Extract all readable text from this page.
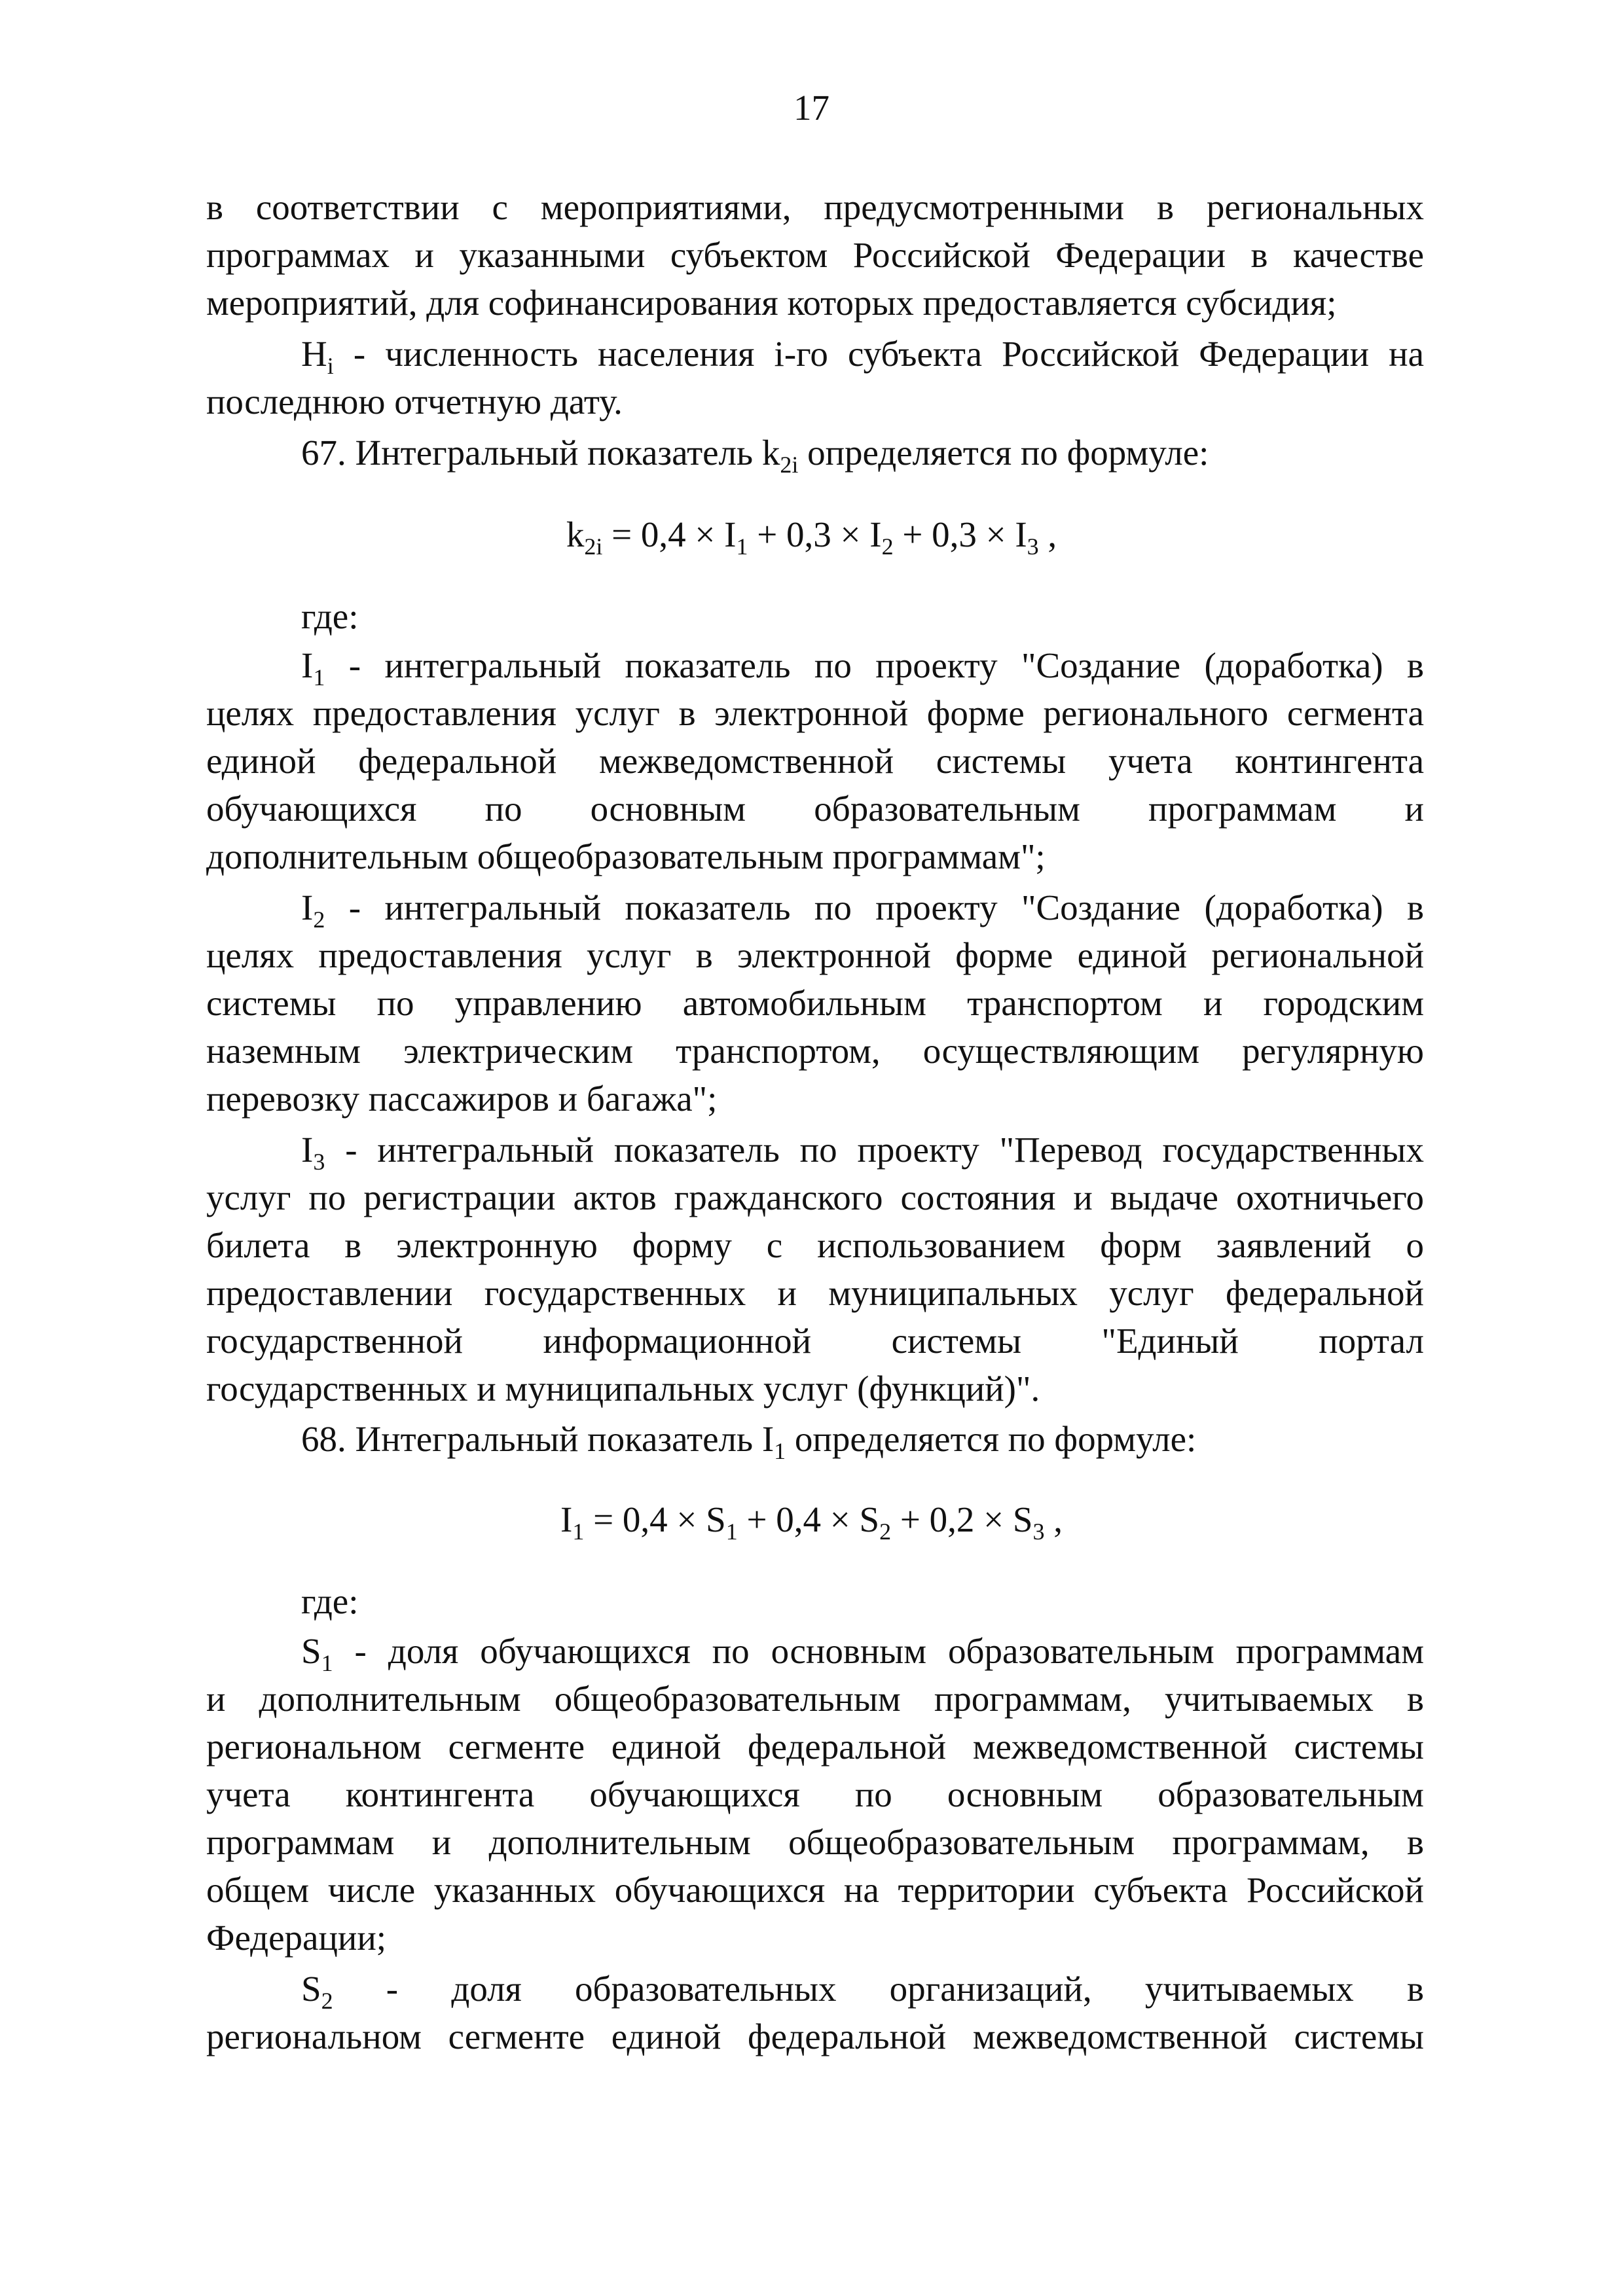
17
в соответствии с мероприятиями, предусмотренными в региональных
программах и указанными субъектом Российской Федерации в качестве
мероприятий, для софинансирования которых предоставляется субсидия;
$H_i$ - численность населения i-го субъекта Российской Федерации на
последнюю отчетную дату.
67. Интегральный показатель $k_{2i}$ определяется по формуле:
$k_{2i} = 0,4 \times I_1 + 0,3 \times I_2 + 0,3 \times I_3$ ,
где:
$I_1$ - интегральный показатель по проекту "Создание (доработка) в
целях предоставления услуг в электронной форме регионального сегмента
единой федеральной межведомственной системы учета контингента
обучающихся по основным образовательным программам и
дополнительным общеобразовательным программам";
$I_2$ - интегральный показатель по проекту "Создание (доработка) в
целях предоставления услуг в электронной форме единой региональной
системы по управлению автомобильным транспортом и городским
наземным электрическим транспортом, осуществляющим регулярную
перевозку пассажиров и багажа";
$I_3$ - интегральный показатель по проекту "Перевод государственных
услуг по регистрации актов гражданского состояния и выдаче охотничьего
билета в электронную форму с использованием форм заявлений о
предоставлении государственных и муниципальных услуг федеральной
государственной информационной системы "Единый портал
государственных и муниципальных услуг (функций)".
68. Интегральный показатель $I_1$ определяется по формуле:
$I_1 = 0,4 \times S_1 + 0,4 \times S_2 + 0,2 \times S_3$ ,
где:
$S_1$ - доля обучающихся по основным образовательным программам
и дополнительным общеобразовательным программам, учитываемых в
региональном сегменте единой федеральной межведомственной системы
учета контингента обучающихся по основным образовательным
программам и дополнительным общеобразовательным программам, в
общем числе указанных обучающихся на территории субъекта Российской
Федерации;
$S_2$ - доля образовательных организаций, учитываемых в
региональном сегменте единой федеральной межведомственной системы
